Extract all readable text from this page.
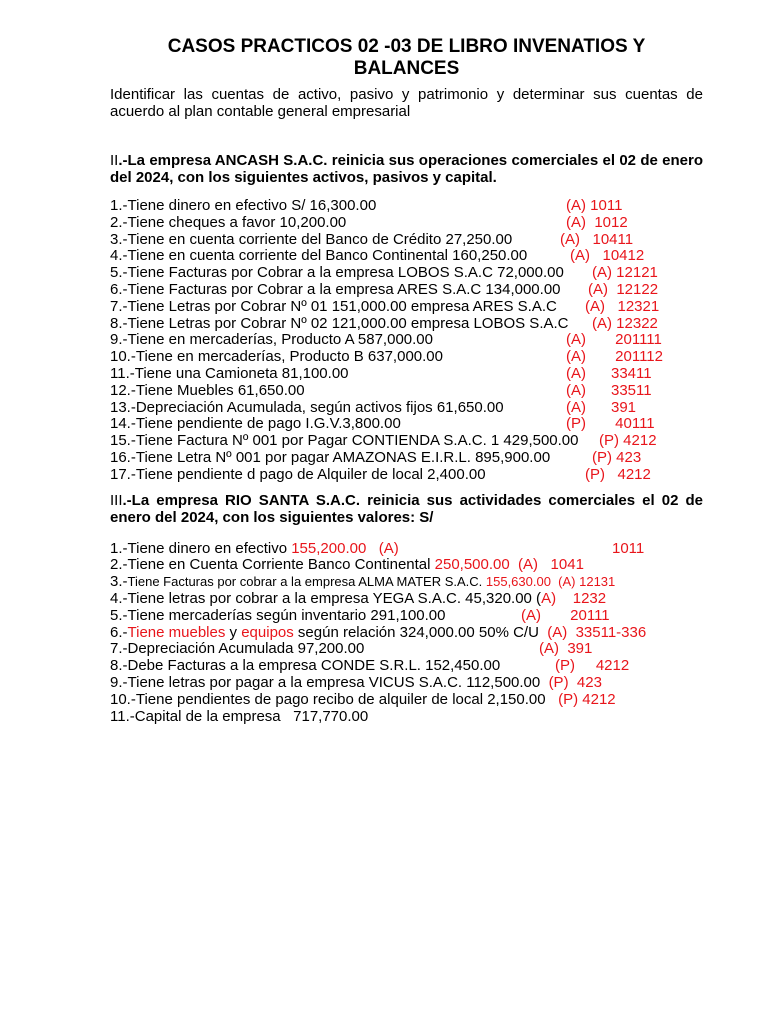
CASOS PRACTICOS 02 -03 DE LIBRO INVENATIOS Y
BALANCES

Identificar las cuentas de activo, pasivo y patrimonio y determinar sus cuentas de acuerdo al plan contable general empresarial

II.-La empresa ANCASH S.A.C. reinicia sus operaciones comerciales el 02 de enero del 2024, con los siguientes activos, pasivos y capital.

1.-Tiene dinero en efectivo S/ 16,300.00	(A) 1011
2.-Tiene cheques a favor 10,200.00	(A)  1012
3.-Tiene en cuenta corriente del Banco de Crédito 27,250.00	(A)   10411
4.-Tiene en cuenta corriente del Banco Continental 160,250.00	(A)   10412
5.-Tiene Facturas por Cobrar a la empresa LOBOS S.A.C 72,000.00 (A) 12121
6.-Tiene Facturas por Cobrar a la empresa ARES S.A.C 134,000.00 (A)  12122
7.-Tiene Letras por Cobrar Nº 01 151,000.00 empresa ARES S.A.C (A)   12321
8.-Tiene Letras por Cobrar Nº 02 121,000.00 empresa LOBOS S.A.C (A) 12322
9.-Tiene en mercaderías, Producto A 587,000.00	(A)       201111
10.-Tiene en mercaderías, Producto B 637,000.00	(A)       201112
11.-Tiene una Camioneta 81,100.00	(A)      33411
12.-Tiene Muebles 61,650.00	(A)      33511
13.-Depreciación Acumulada, según activos fijos 61,650.00	(A)      391
14.-Tiene pendiente de pago I.G.V.3,800.00	(P)       40111
15.-Tiene Factura Nº 001 por Pagar CONTIENDA S.A.C. 1 429,500.00 (P) 4212
16.-Tiene Letra Nº 001 por pagar AMAZONAS E.I.R.L. 895,900.00	(P) 423
17.-Tiene pendiente d pago de Alquiler de local 2,400.00	(P)   4212

III.-La empresa RIO SANTA S.A.C. reinicia sus actividades comerciales el 02 de enero del 2024, con los siguientes valores: S/

1.-Tiene dinero en efectivo 155,200.00   (A)	1011
2.-Tiene en Cuenta Corriente Banco Continental 250,500.00  (A)   1041
3.-Tiene Facturas por cobrar a la empresa ALMA MATER S.A.C. 155,630.00  (A) 12131
4.-Tiene letras por cobrar a la empresa YEGA S.A.C. 45,320.00 (A)    1232
5.-Tiene mercaderías según inventario 291,100.00	(A)       20111
6.-Tiene muebles y equipos según relación 324,000.00 50% C/U  (A)  33511-336
7.-Depreciación Acumulada 97,200.00	(A)  391
8.-Debe Facturas a la empresa CONDE S.R.L. 152,450.00	(P)     4212
9.-Tiene letras por pagar a la empresa VICUS S.A.C. 112,500.00  (P)  423
10.-Tiene pendientes de pago recibo de alquiler de local 2,150.00   (P) 4212
11.-Capital de la empresa   717,770.00
